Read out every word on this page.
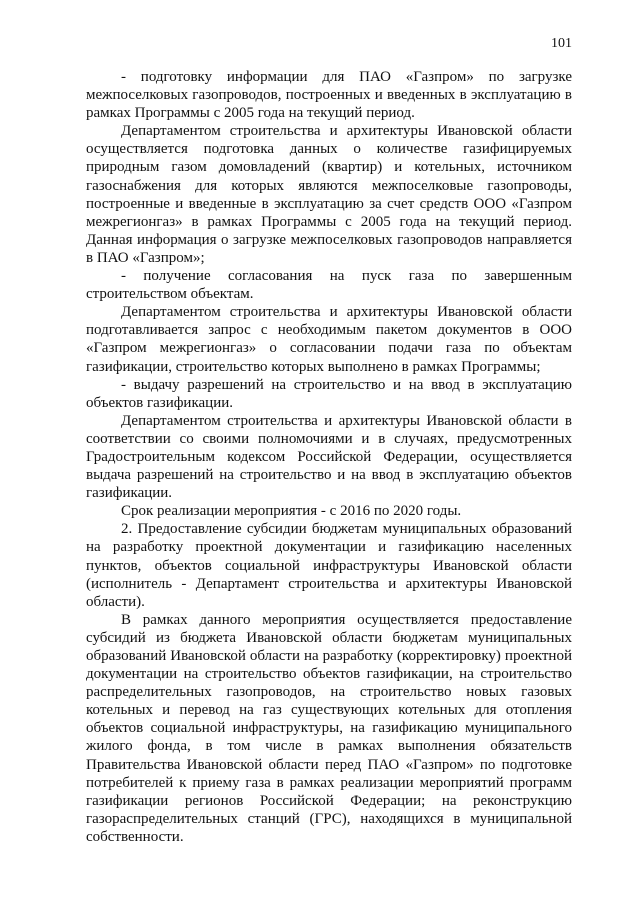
101

- подготовку информации для ПАО «Газпром» по загрузке межпоселковых газопроводов, построенных и введенных в эксплуатацию в рамках Программы с 2005 года на текущий период.

Департаментом строительства и архитектуры Ивановской области осуществляется подготовка данных о количестве газифицируемых природным газом домовладений (квартир) и котельных, источником газоснабжения для которых являются межпоселковые газопроводы, построенные и введенные в эксплуатацию за счет средств ООО «Газпром межрегионгаз» в рамках Программы с 2005 года на текущий период. Данная информация о загрузке межпоселковых газопроводов направляется в ПАО «Газпром»;

- получение согласования на пуск газа по завершенным строительством объектам.

Департаментом строительства и архитектуры Ивановской области подготавливается запрос с необходимым пакетом документов в ООО «Газпром межрегионгаз» о согласовании подачи газа по объектам газификации, строительство которых выполнено в рамках Программы;

- выдачу разрешений на строительство и на ввод в эксплуатацию объектов газификации.

Департаментом строительства и архитектуры Ивановской области в соответствии со своими полномочиями и в случаях, предусмотренных Градостроительным кодексом Российской Федерации, осуществляется выдача разрешений на строительство и на ввод в эксплуатацию объектов газификации.

Срок реализации мероприятия - с 2016 по 2020 годы.

2. Предоставление субсидии бюджетам муниципальных образований на разработку проектной документации и газификацию населенных пунктов, объектов социальной инфраструктуры Ивановской области (исполнитель - Департамент строительства и архитектуры Ивановской области).

В рамках данного мероприятия осуществляется предоставление субсидий из бюджета Ивановской области бюджетам муниципальных образований Ивановской области на разработку (корректировку) проектной документации на строительство объектов газификации, на строительство распределительных газопроводов, на строительство новых газовых котельных и перевод на газ существующих котельных для отопления объектов социальной инфраструктуры, на газификацию муниципального жилого фонда, в том числе в рамках выполнения обязательств Правительства Ивановской области перед ПАО «Газпром» по подготовке потребителей к приему газа в рамках реализации мероприятий программ газификации регионов Российской Федерации; на реконструкцию газораспределительных станций (ГРС), находящихся в муниципальной собственности.
